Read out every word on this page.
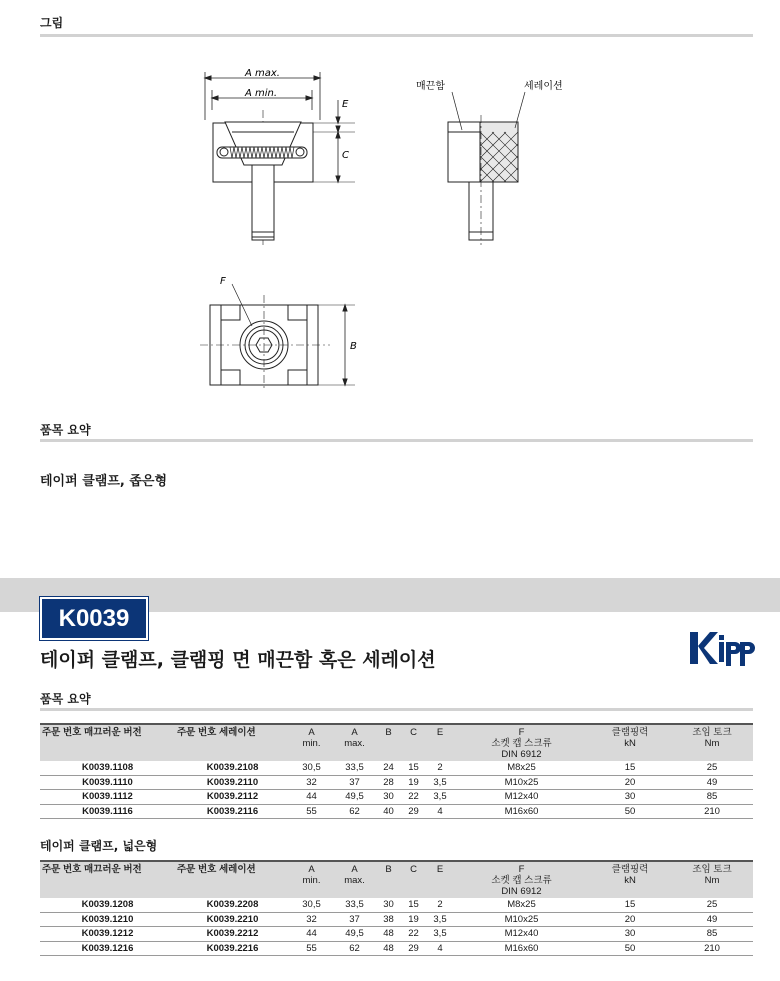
그림
A max.
A min.
E
C
매끈함	세레이션
F
B
품목 요약
테이퍼 클램프, 좁은형
K0039
테이퍼 클램프, 클램핑 면 매끈함 혹은 세레이션
품목 요약
주문 번호 매끄러운 버전	주문 번호 세레이션	A
min.	A
max.	B	C	E	F
소켓 캡 스크류
DIN 6912	클램핑력
kN	조임 토크
Nm
K0039.1108	K0039.2108	30,5	33,5	24	15	2	M8x25	15	25
K0039.1110	K0039.2110	32	37	28	19	3,5	M10x25	20	49
K0039.1112	K0039.2112	44	49,5	30	22	3,5	M12x40	30	85
K0039.1116	K0039.2116	55	62	40	29	4	M16x60	50	210
테이퍼 클램프, 넓은형
주문 번호 매끄러운 버전	주문 번호 세레이션	A
min.	A
max.	B	C	E	F
소켓 캡 스크류
DIN 6912	클램핑력
kN	조임 토크
Nm
K0039.1208	K0039.2208	30,5	33,5	30	15	2	M8x25	15	25
K0039.1210	K0039.2210	32	37	38	19	3,5	M10x25	20	49
K0039.1212	K0039.2212	44	49,5	48	22	3,5	M12x40	30	85
K0039.1216	K0039.2216	55	62	48	29	4	M16x60	50	210
